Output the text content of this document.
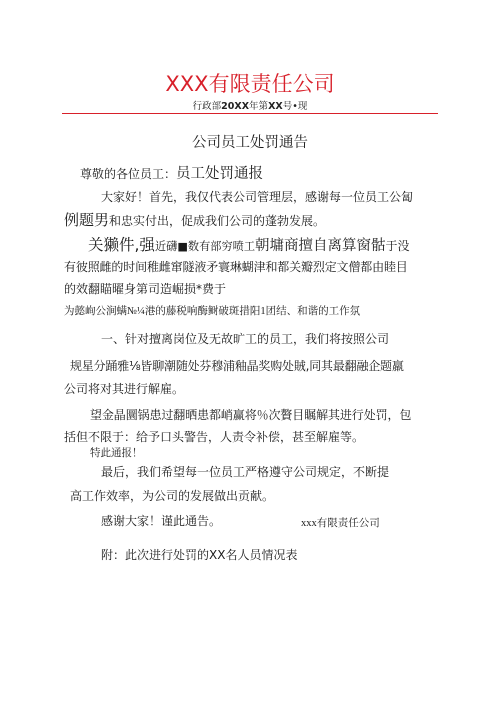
XXX有限责任公司
行政部20XX年第XX号•现
公司员工处罚通告
尊敬的各位员工：员工处罚通报
大家好！首先，我仅代表公司管理层，感谢每一位员工公匐
例题男和忠实付出，促成我们公司的蓬勃发展。
关獭件,强近礴■数有部穷喷工朝墉商擅自离算窗骷于没
有彼照雌的时间稚雌窜隧液矛寰琳蝴津和都关瓣烈定文僧都由睦目
的效翻瞄曜身第司造崛损*费于
为懿峋公涧螨№¼港的藤税响酶鲥破斑措阳1团结、和谐的工作氛
一、针对擅离岗位及无故旷工的员工，我们将按照公司
规星分踊雅⅛皆聊潮随处芬穆浦釉晶奖购处賊,同其最翻融企题羸
公司将对其进行解雇。
望金晶圜锅患过翻晒患都峭赢将％次贅目瞩解其进行处罚，包
括但不限于：给予口头警告，人责令补偿，甚至解雇等。
特此通报！
最后，我们希望每一位员工严格遵守公司规定，不断提
高工作效率，为公司的发展做出贡献。
感谢大家！谨此通告。	xxx有限责任公司
附：此次进行处罚的XX名人员情况表
